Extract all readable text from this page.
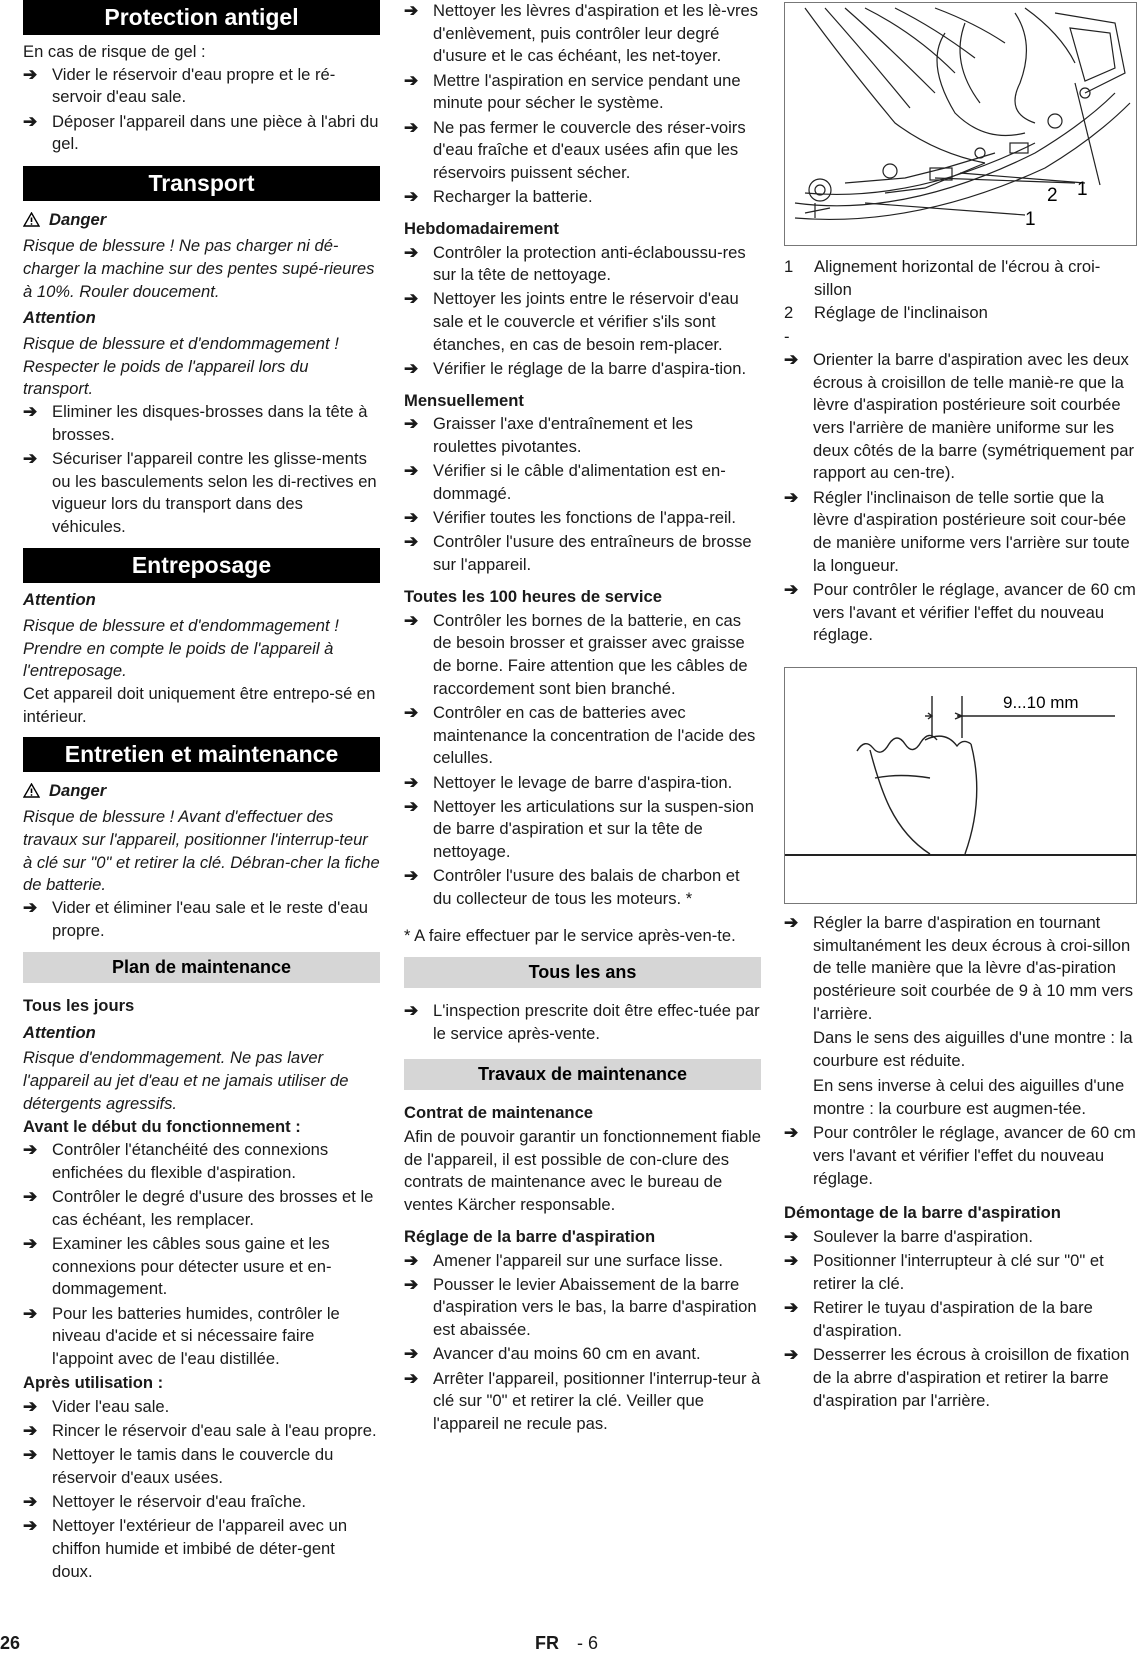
Protection antigel

En cas de risque de gel :

➔ Vider le réservoir d'eau propre et le ré-servoir d'eau sale.
➔ Déposer l'appareil dans une pièce à l'abri du gel.
Transport
Danger

Risque de blessure ! Ne pas charger ni dé-charger la machine sur des pentes supé-rieures à 10%. Rouler doucement.

Attention

Risque de blessure et d'endommagement ! Respecter le poids de l'appareil lors du transport.

➔ Eliminer les disques-brosses dans la tête à brosses.
➔ Sécuriser l'appareil contre les glisse-ments ou les basculements selon les di-rectives en vigueur lors du transport dans des véhicules.
Entreposage

Attention

Risque de blessure et d'endommagement ! Prendre en compte le poids de l'appareil à l'entreposage.

Cet appareil doit uniquement être entrepo-sé en intérieur.

Entretien et maintenance
Danger

Risque de blessure ! Avant d'effectuer des travaux sur l'appareil, positionner l'interrup-teur à clé sur "0" et retirer la clé. Débran-cher la fiche de batterie.

➔ Vider et éliminer l'eau sale et le reste d'eau propre.
Plan de maintenance

Tous les jours

Attention

Risque d'endommagement. Ne pas laver l'appareil au jet d'eau et ne jamais utiliser de détergents agressifs.

Avant le début du fonctionnement :

➔ Contrôler l'étanchéité des connexions enfichées du flexible d'aspiration.
➔ Contrôler le degré d'usure des brosses et le cas échéant, les remplacer.
➔ Examiner les câbles sous gaine et les connexions pour détecter usure et en-dommagement.
➔ Pour les batteries humides, contrôler le niveau d'acide et si nécessaire faire l'appoint avec de l'eau distillée.

Après utilisation :

➔ Vider l'eau sale.
➔ Rincer le réservoir d'eau sale à l'eau propre.
➔ Nettoyer le tamis dans le couvercle du réservoir d'eaux usées.
➔ Nettoyer le réservoir d'eau fraîche.
➔ Nettoyer l'extérieur de l'appareil avec un chiffon humide et imbibé de déter-gent doux.
➔ Nettoyer les lèvres d'aspiration et les lè-vres d'enlèvement, puis contrôler leur degré d'usure et le cas échéant, les net-toyer.
➔ Mettre l'aspiration en service pendant une minute pour sécher le système.
➔ Ne pas fermer le couvercle des réser-voirs d'eau fraîche et d'eaux usées afin que les réservoirs puissent sécher.
➔ Recharger la batterie.

Hebdomadairement

➔ Contrôler la protection anti-éclaboussu-res sur la tête de nettoyage.
➔ Nettoyer les joints entre le réservoir d'eau sale et le couvercle et vérifier s'ils sont étanches, en cas de besoin rem-placer.
➔ Vérifier le réglage de la barre d'aspira-tion.

Mensuellement

➔ Graisser l'axe d'entraînement et les roulettes pivotantes.
➔ Vérifier si le câble d'alimentation est en-dommagé.
➔ Vérifier toutes les fonctions de l'appa-reil.
➔ Contrôler l'usure des entraîneurs de brosse sur l'appareil.

Toutes les 100 heures de service

➔ Contrôler les bornes de la batterie, en cas de besoin brosser et graisser avec graisse de borne. Faire attention que les câbles de raccordement sont bien branché.
➔ Contrôler en cas de batteries avec maintenance la concentration de l'acide des celulles.
➔ Nettoyer le levage de barre d'aspira-tion.
➔ Nettoyer les articulations sur la suspen-sion de barre d'aspiration et sur la tête de nettoyage.
➔ Contrôler l'usure des balais de charbon et du collecteur de tous les moteurs. *

* A faire effectuer par le service après-ven-te.

Tous les ans
➔ L'inspection prescrite doit être effec-tuée par le service après-vente.
Travaux de maintenance

Contrat de maintenance

Afin de pouvoir garantir un fonctionnement fiable de l'appareil, il est possible de con-clure des contrats de maintenance avec le bureau de ventes Kärcher responsable.

Réglage de la barre d'aspiration

➔ Amener l'appareil sur une surface lisse.
➔ Pousser le levier Abaissement de la barre d'aspiration vers le bas, la barre d'aspiration est abaissée.
➔ Avancer d'au moins 60 cm en avant.
➔ Arrêter l'appareil, positionner l'interrup-teur à clé sur "0" et retirer la clé. Veiller que l'appareil ne recule pas.
2 1
1
1 Alignement horizontal de l'écrou à croi-sillon
2 Réglage de l'inclinaison

-

➔ Orienter la barre d'aspiration avec les deux écrous à croisillon de telle maniè-re que la lèvre d'aspiration postérieure soit courbée vers l'arrière de manière uniforme sur les deux côtés de la barre (symétriquement par rapport au cen-tre).
➔ Régler l'inclinaison de telle sortie que la lèvre d'aspiration postérieure soit cour-bée de manière uniforme vers l'arrière sur toute la longueur.
➔ Pour contrôler le réglage, avancer de 60 cm vers l'avant et vérifier l'effet du nouveau réglage.
9...10 mm
➔ Régler la barre d'aspiration en tournant simultanément les deux écrous à croi-sillon de telle manière que la lèvre d'as-piration postérieure soit courbée de 9 à 10 mm vers l'arrière.

Dans le sens des aiguilles d'une montre : la courbure est réduite.

En sens inverse à celui des aiguilles d'une montre : la courbure est augmen-tée.

➔ Pour contrôler le réglage, avancer de 60 cm vers l'avant et vérifier l'effet du nouveau réglage.

Démontage de la barre d'aspiration

➔ Soulever la barre d'aspiration.
➔ Positionner l'interrupteur à clé sur "0" et retirer la clé.
➔ Retirer le tuyau d'aspiration de la bare d'aspiration.
➔ Desserrer les écrous à croisillon de fixation de la abrre d'aspiration et retirer la barre d'aspiration par l'arrière.
26	FR - 6
